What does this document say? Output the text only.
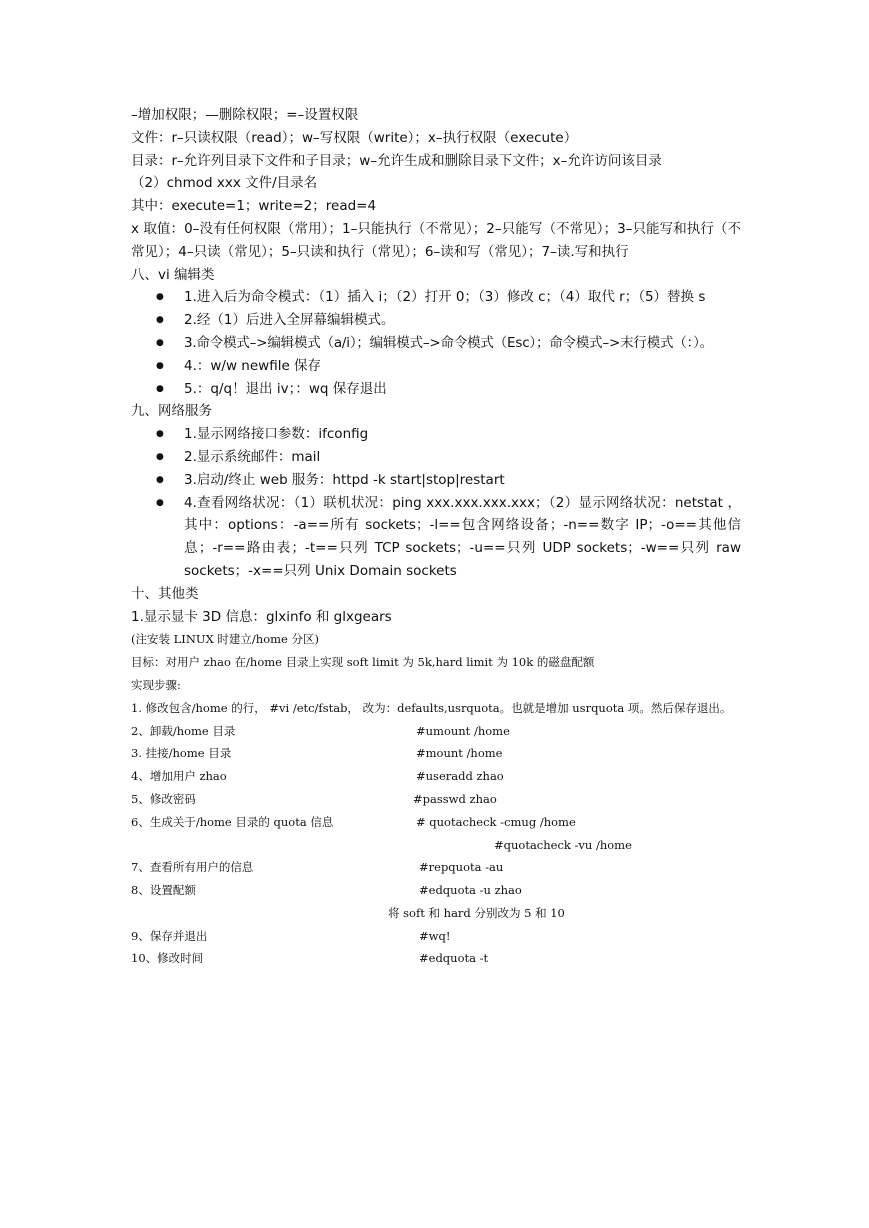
–增加权限；—删除权限；=–设置权限
文件：r–只读权限（read）；w–写权限（write）；x–执行权限（execute）
目录：r–允许列目录下文件和子目录；w–允许生成和删除目录下文件；x–允许访问该目录
（2）chmod xxx 文件/目录名
其中：execute=1；write=2；read=4
x 取值：0–没有任何权限（常用）；1–只能执行（不常见）；2–只能写（不常见）；3–只能写和执行（不常见）；4–只读（常见）；5–只读和执行（常见）；6–读和写（常见）；7–读.写和执行
八、vi 编辑类
● 1.进入后为命令模式：（1）插入 i；（2）打开 0；（3）修改 c；（4）取代 r；（5）替换 s
● 2.经（1）后进入全屏幕编辑模式。
● 3.命令模式–>编辑模式（a/i）；编辑模式–>命令模式（Esc）；命令模式–>末行模式（：）。
● 4.：w/w newfile 保存
● 5.：q/q！退出 iv；：wq 保存退出
九、网络服务
● 1.显示网络接口参数：ifconfig
● 2.显示系统邮件：mail
● 3.启动/终止 web 服务：httpd -k start|stop|restart
● 4.查看网络状况：（1）联机状况：ping xxx.xxx.xxx.xxx；（2）显示网络状况：netstat ，其中：options：-a==所有 sockets；-l==包含网络设备；-n==数字 IP；-o==其他信息；-r==路由表；-t==只列 TCP sockets；-u==只列 UDP sockets；-w==只列 raw sockets；-x==只列 Unix Domain sockets
十、其他类
1.显示显卡 3D 信息：glxinfo 和 glxgears
(注安装 LINUX 时建立/home 分区)
目标：对用户 zhao 在/home 目录上实现 soft limit 为 5k,hard limit 为 10k 的磁盘配额
实现步骤:
1. 修改包含/home 的行， #vi /etc/fstab， 改为：defaults,usrquota。也就是增加 usrquota 项。然后保存退出。
2、卸载/home 目录	#umount /home
3. 挂接/home 目录	#mount /home
4、增加用户 zhao	#useradd zhao
5、修改密码	#passwd zhao
6、生成关于/home 目录的 quota 信息	# quotacheck -cmug /home
#quotacheck -vu /home
7、查看所有用户的信息	#repquota -au
8、设置配额	#edquota -u zhao
将 soft 和 hard 分别改为 5 和 10
9、保存并退出	#wq!
10、修改时间	#edquota -t
